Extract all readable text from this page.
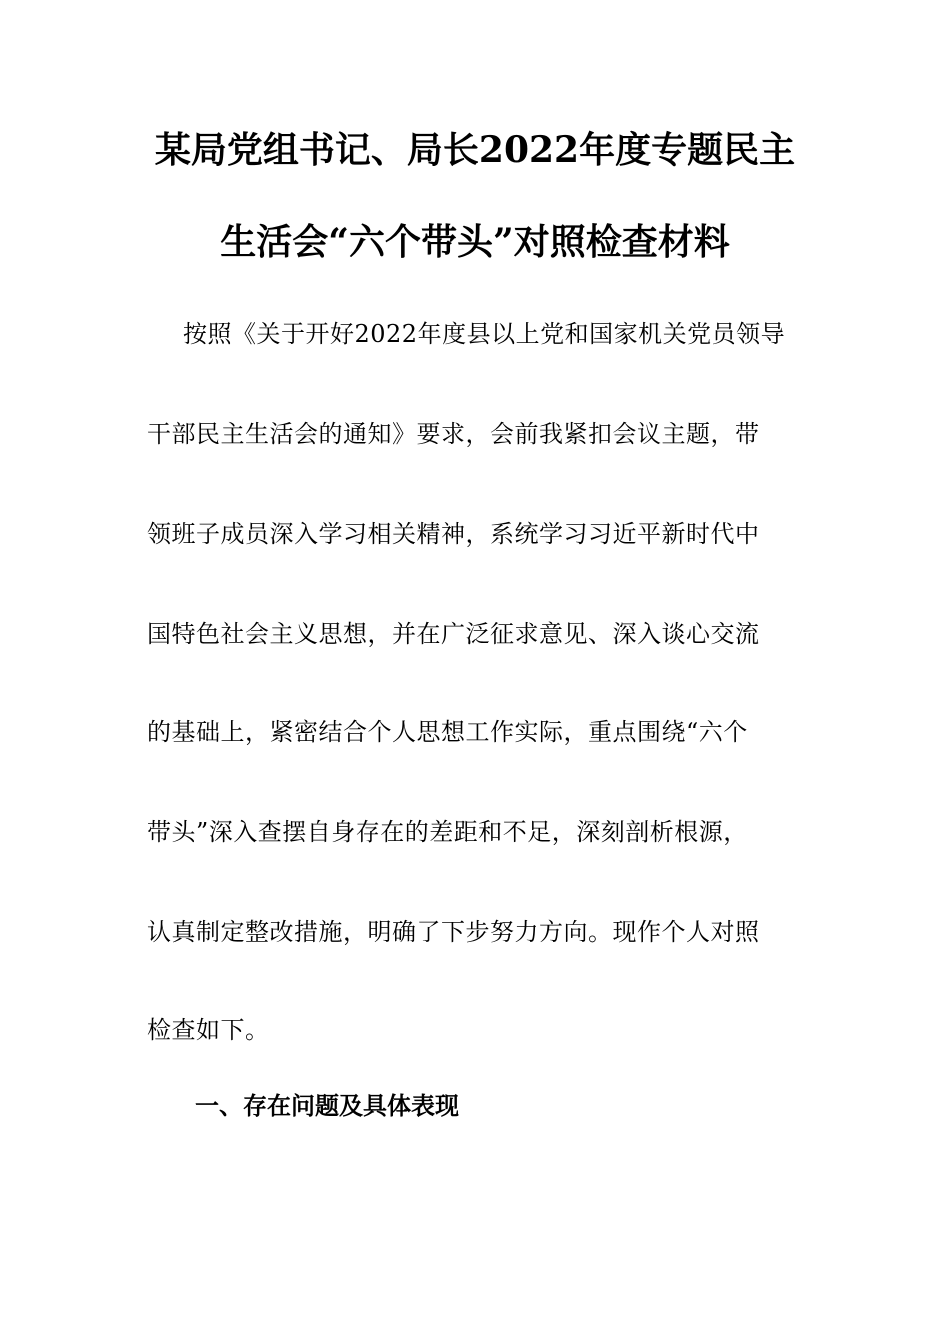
某局党组书记、局长2022年度专题民主
生活会“六个带头”对照检查材料
按照《关于开好2022年度县以上党和国家机关党员领导
干部民主生活会的通知》要求，会前我紧扣会议主题，带
领班子成员深入学习相关精神，系统学习习近平新时代中
国特色社会主义思想，并在广泛征求意见、深入谈心交流
的基础上，紧密结合个人思想工作实际，重点围绕“六个
带头”深入查摆自身存在的差距和不足，深刻剖析根源，
认真制定整改措施，明确了下步努力方向。现作个人对照
检查如下。
一、存在问题及具体表现
